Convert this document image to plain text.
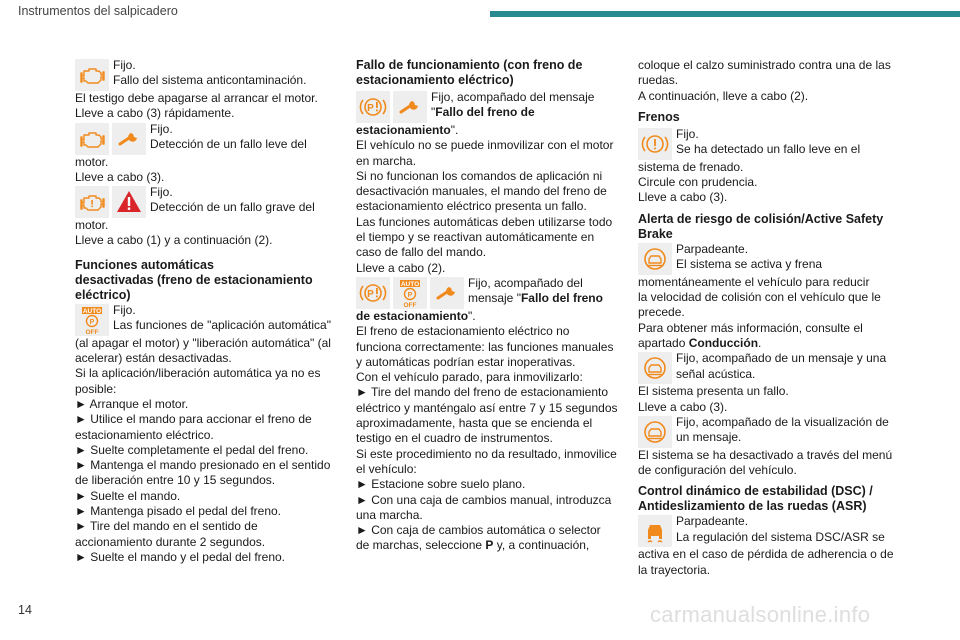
Instrumentos del salpicadero

Fijo.

Fallo del sistema anticontaminación.

El testigo debe apagarse al arrancar el motor.

Lleve a cabo (3) rápidamente.

Fijo.

Detección de un fallo leve del

motor.

Lleve a cabo (3).

Fijo.

Detección de un fallo grave del

motor.

Lleve a cabo (1) y a continuación (2).

Funciones automáticas

desactivadas (freno de estacionamiento

eléctrico)

Fijo.

Las funciones de "aplicación automática"

(al apagar el motor) y "liberación automática" (al

acelerar) están desactivadas.

Si la aplicación/liberación automática ya no es

posible:

► Arranque el motor.

► Utilice el mando para accionar el freno de

estacionamiento eléctrico.

► Suelte completamente el pedal del freno.

► Mantenga el mando presionado en el sentido

de liberación entre 10 y 15 segundos.

► Suelte el mando.

► Mantenga pisado el pedal del freno.

► Tire del mando en el sentido de

accionamiento durante 2 segundos.

► Suelte el mando y el pedal del freno.

Fallo de funcionamiento (con freno de

estacionamiento eléctrico)

Fijo, acompañado del mensaje

"Fallo del freno de

estacionamiento".

El vehículo no se puede inmovilizar con el motor

en marcha.

Si no funcionan los comandos de aplicación ni

desactivación manuales, el mando del freno de

estacionamiento eléctrico presenta un fallo.

Las funciones automáticas deben utilizarse todo

el tiempo y se reactivan automáticamente en

caso de fallo del mando.

Lleve a cabo (2).

Fijo, acompañado del

mensaje "Fallo del freno

de estacionamiento".

El freno de estacionamiento eléctrico no

funciona correctamente: las funciones manuales

y automáticas podrían estar inoperativas.

Con el vehículo parado, para inmovilizarlo:

► Tire del mando del freno de estacionamiento

eléctrico y manténgalo así entre 7 y 15 segundos

aproximadamente, hasta que se encienda el

testigo en el cuadro de instrumentos.

Si este procedimiento no da resultado, inmovilice

el vehículo:

► Estacione sobre suelo plano.

► Con una caja de cambios manual, introduzca

una marcha.

► Con caja de cambios automática o selector

de marchas, seleccione P y, a continuación,

coloque el calzo suministrado contra una de las

ruedas.

A continuación, lleve a cabo (2).

Frenos

Fijo.

Se ha detectado un fallo leve en el

sistema de frenado.

Circule con prudencia.

Lleve a cabo (3).

Alerta de riesgo de colisión/Active Safety

Brake

Parpadeante.

El sistema se activa y frena

momentáneamente el vehículo para reducir

la velocidad de colisión con el vehículo que le

precede.

Para obtener más información, consulte el

apartado Conducción.

Fijo, acompañado de un mensaje y una

señal acústica.

El sistema presenta un fallo.

Lleve a cabo (3).

Fijo, acompañado de la visualización de

un mensaje.

El sistema se ha desactivado a través del menú

de configuración del vehículo.

Control dinámico de estabilidad (DSC) /

Antideslizamiento de las ruedas (ASR)

Parpadeante.

La regulación del sistema DSC/ASR se

activa en el caso de pérdida de adherencia o de

la trayectoria.

14	carmanualsonline.info
